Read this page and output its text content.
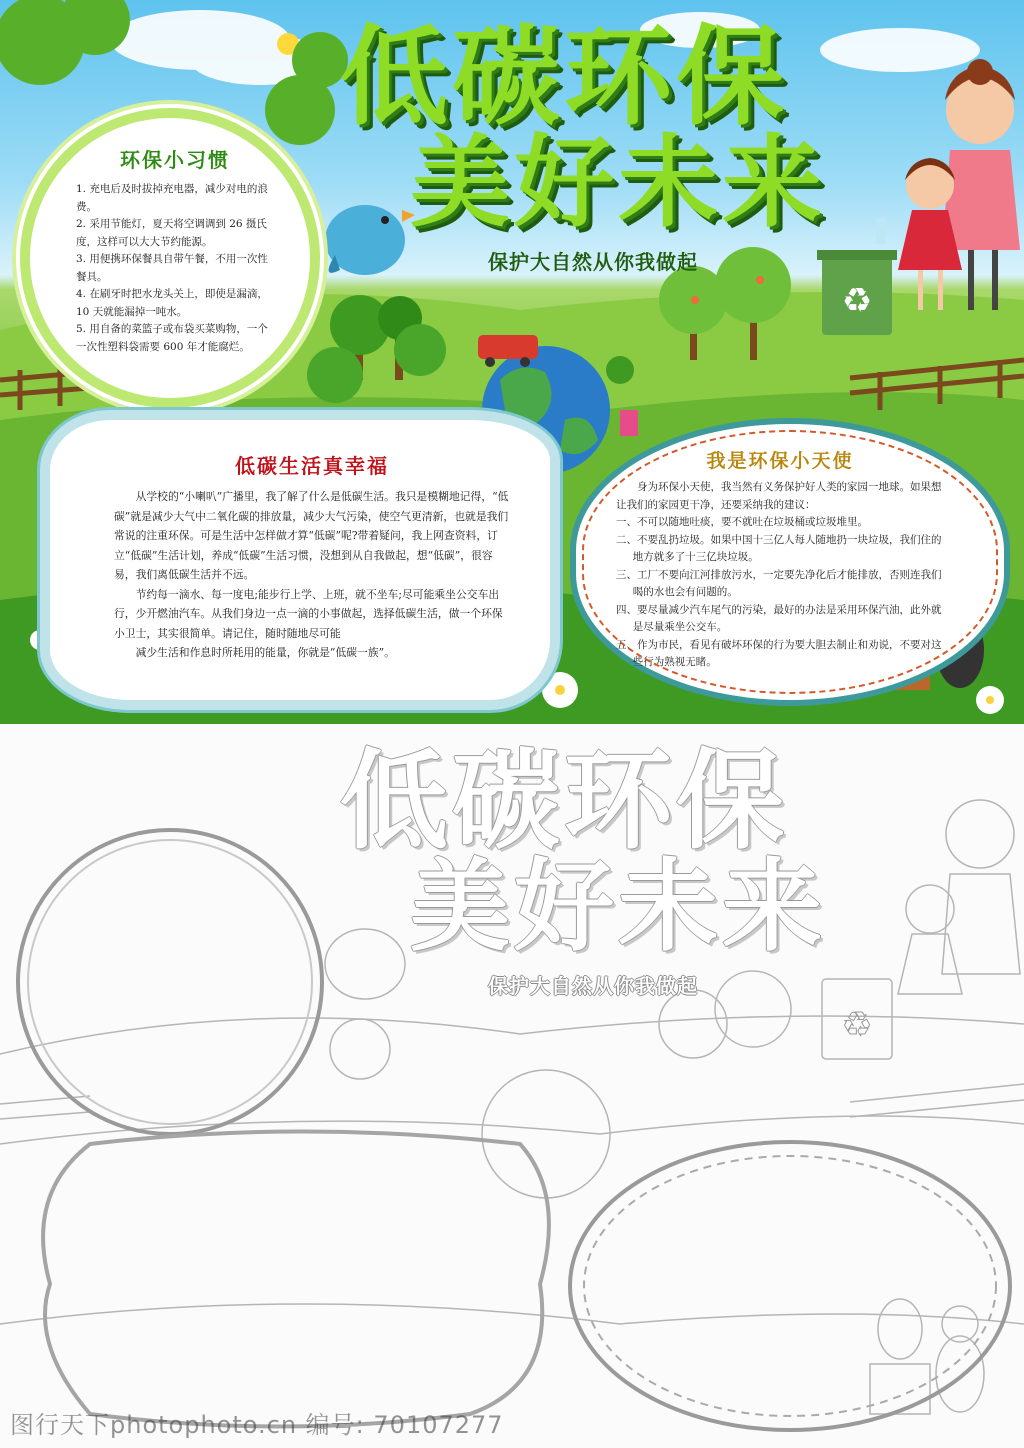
♻
低碳环保
美好未来
保护大自然从你我做起
环保小习惯

1. 充电后及时拔掉充电器，减少对电的浪费。

2. 采用节能灯，夏天将空调调到 26 摄氏度，这样可以大大节约能源。

3. 用便携环保餐具自带午餐，不用一次性餐具。

4. 在刷牙时把水龙头关上，即使是漏滴，10 天就能漏掉一吨水。

5. 用自备的菜篮子或布袋买菜购物，一个一次性塑料袋需要 600 年才能腐烂。

低碳生活真幸福

从学校的“小喇叭”广播里，我了解了什么是低碳生活。我只是模糊地记得，“低碳”就是减少大气中二氧化碳的排放量，减少大气污染，使空气更清新，也就是我们常说的注重环保。可是生活中怎样做才算“低碳”呢?带着疑问，我上网查资料，订立“低碳”生活计划，养成“低碳”生活习惯，没想到从自我做起，想“低碳”，很容易，我们离低碳生活并不远。

节约每一滴水、每一度电;能步行上学、上班，就不坐车;尽可能乘坐公交车出行，少开燃油汽车。从我们身边一点一滴的小事做起，选择低碳生活，做一个环保小卫士，其实很简单。请记住，随时随地尽可能

减少生活和作息时所耗用的能量，你就是“低碳一族”。

我是环保小天使

身为环保小天使，我当然有义务保护好人类的家园一地球。如果想让我们的家园更干净，还要采纳我的建议：

一、不可以随地吐痰，要不就吐在垃圾桶或垃圾堆里。

二、不要乱扔垃圾。如果中国十三亿人每人随地扔一块垃圾，我们住的地方就多了十三亿块垃圾。

三、工厂不要向江河排放污水，一定要先净化后才能排放，否则连我们喝的水也会有问题的。

四、要尽量减少汽车尾气的污染，最好的办法是采用环保汽油，此外就是尽量乘坐公交车。

五、作为市民，看见有破坏环保的行为要大胆去制止和劝说，不要对这些行为熟视无睹。

♻
低碳环保
美好未来
保护大自然从你我做起
图行天下photophoto.cn 编号: 70107277
